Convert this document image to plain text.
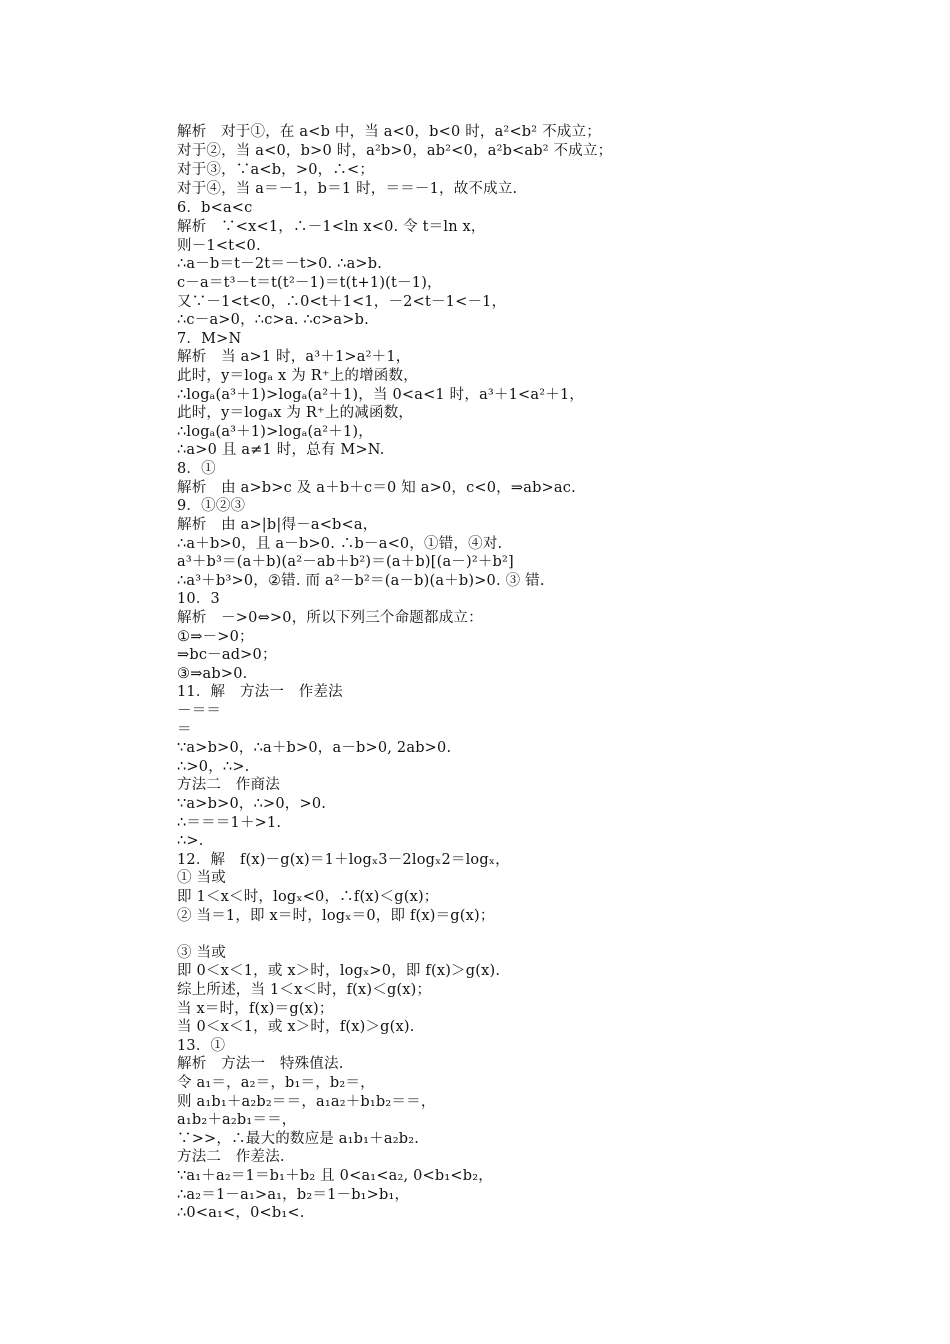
解析　对于①，在 a<b 中，当 a<0，b<0 时，a²<b² 不成立；
对于②，当 a<0，b>0 时，a²b>0，ab²<0，a²b<ab² 不成立；
对于③，∵a<b，>0，∴<；
对于④，当 a＝－1，b＝1 时，＝＝－1，故不成立.
6．b<a<c
解析　∵<x<1，∴－1<ln x<0. 令 t＝ln x，
则－1<t<0.
∴a－b＝t－2t＝－t>0. ∴a>b.
c－a＝t³－t＝t(t²－1)＝t(t+1)(t－1)，
又∵－1<t<0，∴0<t＋1<1，－2<t－1<－1，
∴c－a>0，∴c>a. ∴c>a>b.
7．M>N
解析　当 a>1 时，a³＋1>a²＋1，
此时，y＝logₐ x 为 R⁺上的增函数，
∴logₐ(a³＋1)>logₐ(a²＋1)，当 0<a<1 时，a³＋1<a²＋1，
此时，y＝logₐx 为 R⁺上的减函数，
∴logₐ(a³＋1)>logₐ(a²＋1)，
∴a>0 且 a≠1 时，总有 M>N.
8．①
解析　由 a>b>c 及 a＋b＋c＝0 知 a>0，c<0，⇒ab>ac.
9．①②③
解析　由 a>|b|得－a<b<a，
∴a＋b>0，且 a－b>0. ∴b－a<0，①错，④对.
a³＋b³＝(a＋b)(a²－ab＋b²)＝(a＋b)[(a－)²＋b²]
∴a³＋b³>0，②错. 而 a²－b²＝(a－b)(a＋b)>0. ③ 错.
10．3
解析　－>0⇔>0，所以下列三个命题都成立：
①⇒－>0；
⇒bc－ad>0；
③⇒ab>0.
11．解　方法一　作差法
－＝＝
＝
∵a>b>0，∴a＋b>0，a－b>0, 2ab>0.
∴>0，∴>.
方法二　作商法
∵a>b>0，∴>0，>0.
∴＝＝＝1＋>1.
∴>.
12．解　f(x)－g(x)＝1＋logₓ3－2logₓ2＝logₓ，
① 当或
即 1＜x＜时，logₓ<0，∴f(x)＜g(x)；
② 当＝1，即 x＝时，logₓ＝0，即 f(x)＝g(x)；
③ 当或
即 0＜x＜1，或 x＞时，logₓ>0，即 f(x)＞g(x).
综上所述，当 1＜x＜时，f(x)＜g(x)；
当 x＝时，f(x)＝g(x)；
当 0＜x＜1，或 x＞时，f(x)＞g(x).
13．①
解析　方法一　特殊值法.
令 a₁＝，a₂＝，b₁＝，b₂＝，
则 a₁b₁＋a₂b₂＝＝，a₁a₂＋b₁b₂＝＝，
a₁b₂＋a₂b₁＝＝，
∵>>，∴最大的数应是 a₁b₁＋a₂b₂.
方法二　作差法.
∵a₁＋a₂＝1＝b₁＋b₂ 且 0<a₁<a₂, 0<b₁<b₂，
∴a₂＝1－a₁>a₁，b₂＝1－b₁>b₁，
∴0<a₁<，0<b₁<.
